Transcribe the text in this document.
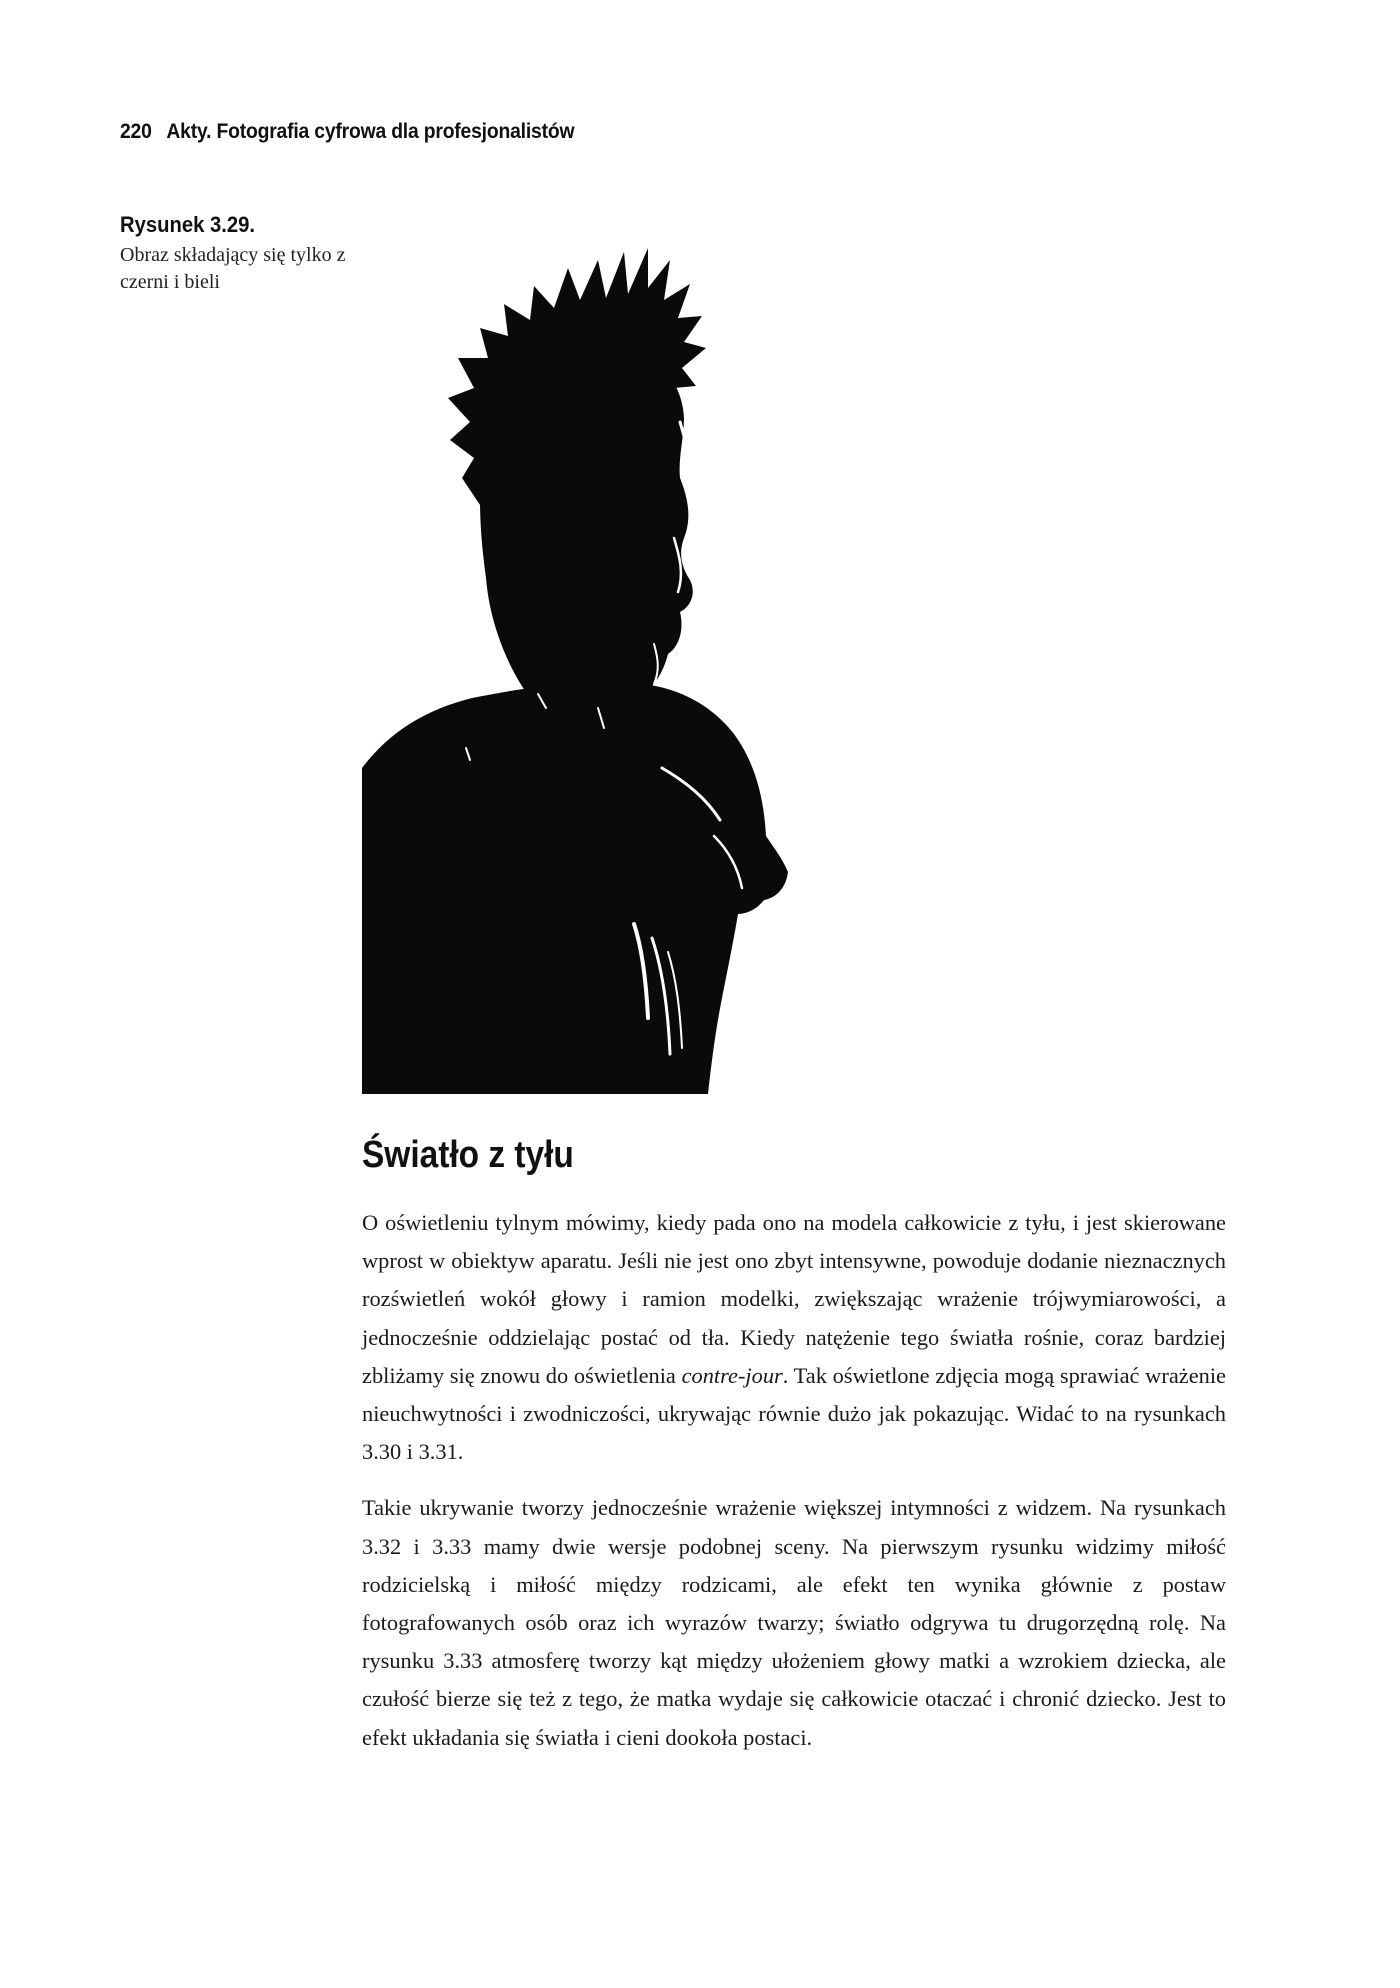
220 Akty. Fotografia cyfrowa dla profesjonalistów
Rysunek 3.29.
Obraz składający się tylko z czerni i bieli
Światło z tyłu

O oświetleniu tylnym mówimy, kiedy pada ono na modela całkowicie z tyłu, i jest skierowane wprost w obiektyw aparatu. Jeśli nie jest ono zbyt intensywne, powoduje dodanie nieznacznych rozświetleń wokół głowy i ramion modelki, zwiększając wrażenie trójwymiarowości, a jednocześnie oddzielając postać od tła. Kiedy natężenie tego światła rośnie, coraz bardziej zbliżamy się znowu do oświetlenia contre-jour. Tak oświetlone zdjęcia mogą sprawiać wrażenie nieuchwytności i zwodniczości, ukrywając równie dużo jak pokazując. Widać to na rysunkach 3.30 i 3.31.

Takie ukrywanie tworzy jednocześnie wrażenie większej intymności z widzem. Na rysunkach 3.32 i 3.33 mamy dwie wersje podobnej sceny. Na pierwszym rysunku widzimy miłość rodzicielską i miłość między rodzicami, ale efekt ten wynika głównie z postaw fotografowanych osób oraz ich wyrazów twarzy; światło odgrywa tu drugorzędną rolę. Na rysunku 3.33 atmosferę tworzy kąt między ułożeniem głowy matki a wzrokiem dziecka, ale czułość bierze się też z tego, że matka wydaje się całkowicie otaczać i chronić dziecko. Jest to efekt układania się światła i cieni dookoła postaci.
